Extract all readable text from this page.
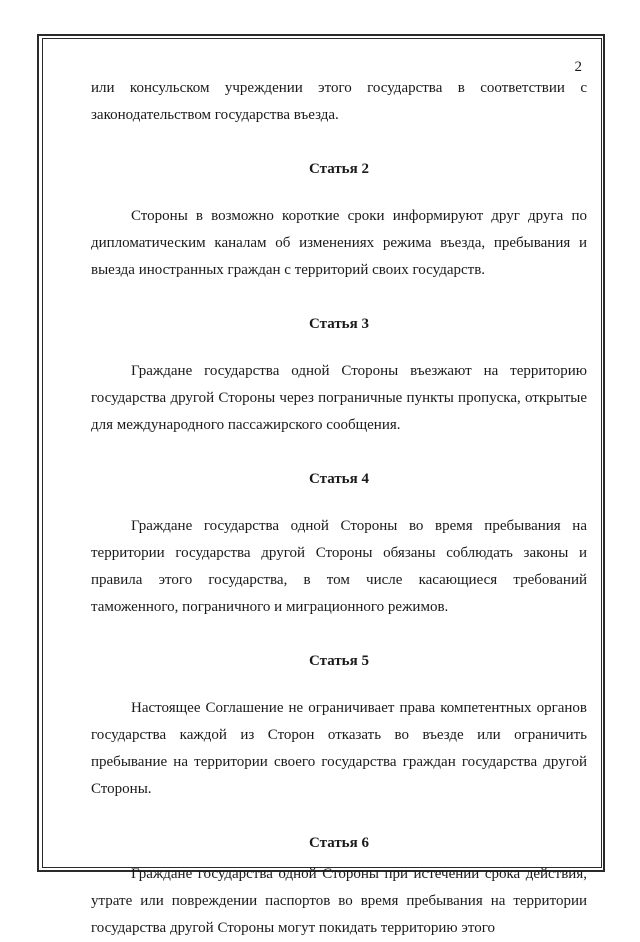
2

или консульском учреждении этого государства в соответствии с законодательством государства въезда.

Статья 2

Стороны в возможно короткие сроки информируют друг друга по дипломатическим каналам об изменениях режима въезда, пребывания и выезда иностранных граждан с территорий своих государств.

Статья 3

Граждане государства одной Стороны въезжают на территорию государства другой Стороны через пограничные пункты пропуска, открытые для международного пассажирского сообщения.

Статья 4

Граждане государства одной Стороны во время пребывания на территории государства другой Стороны обязаны соблюдать законы и правила этого государства, в том числе касающиеся требований таможенного, пограничного и миграционного режимов.

Статья 5

Настоящее Соглашение не ограничивает права компетентных органов государства каждой из Сторон отказать во въезде или ограничить пребывание на территории своего государства граждан государства другой Стороны.

Статья 6

Граждане государства одной Стороны при истечении срока действия, утрате или повреждении паспортов во время пребывания на территории государства другой Стороны могут покидать территорию этого
